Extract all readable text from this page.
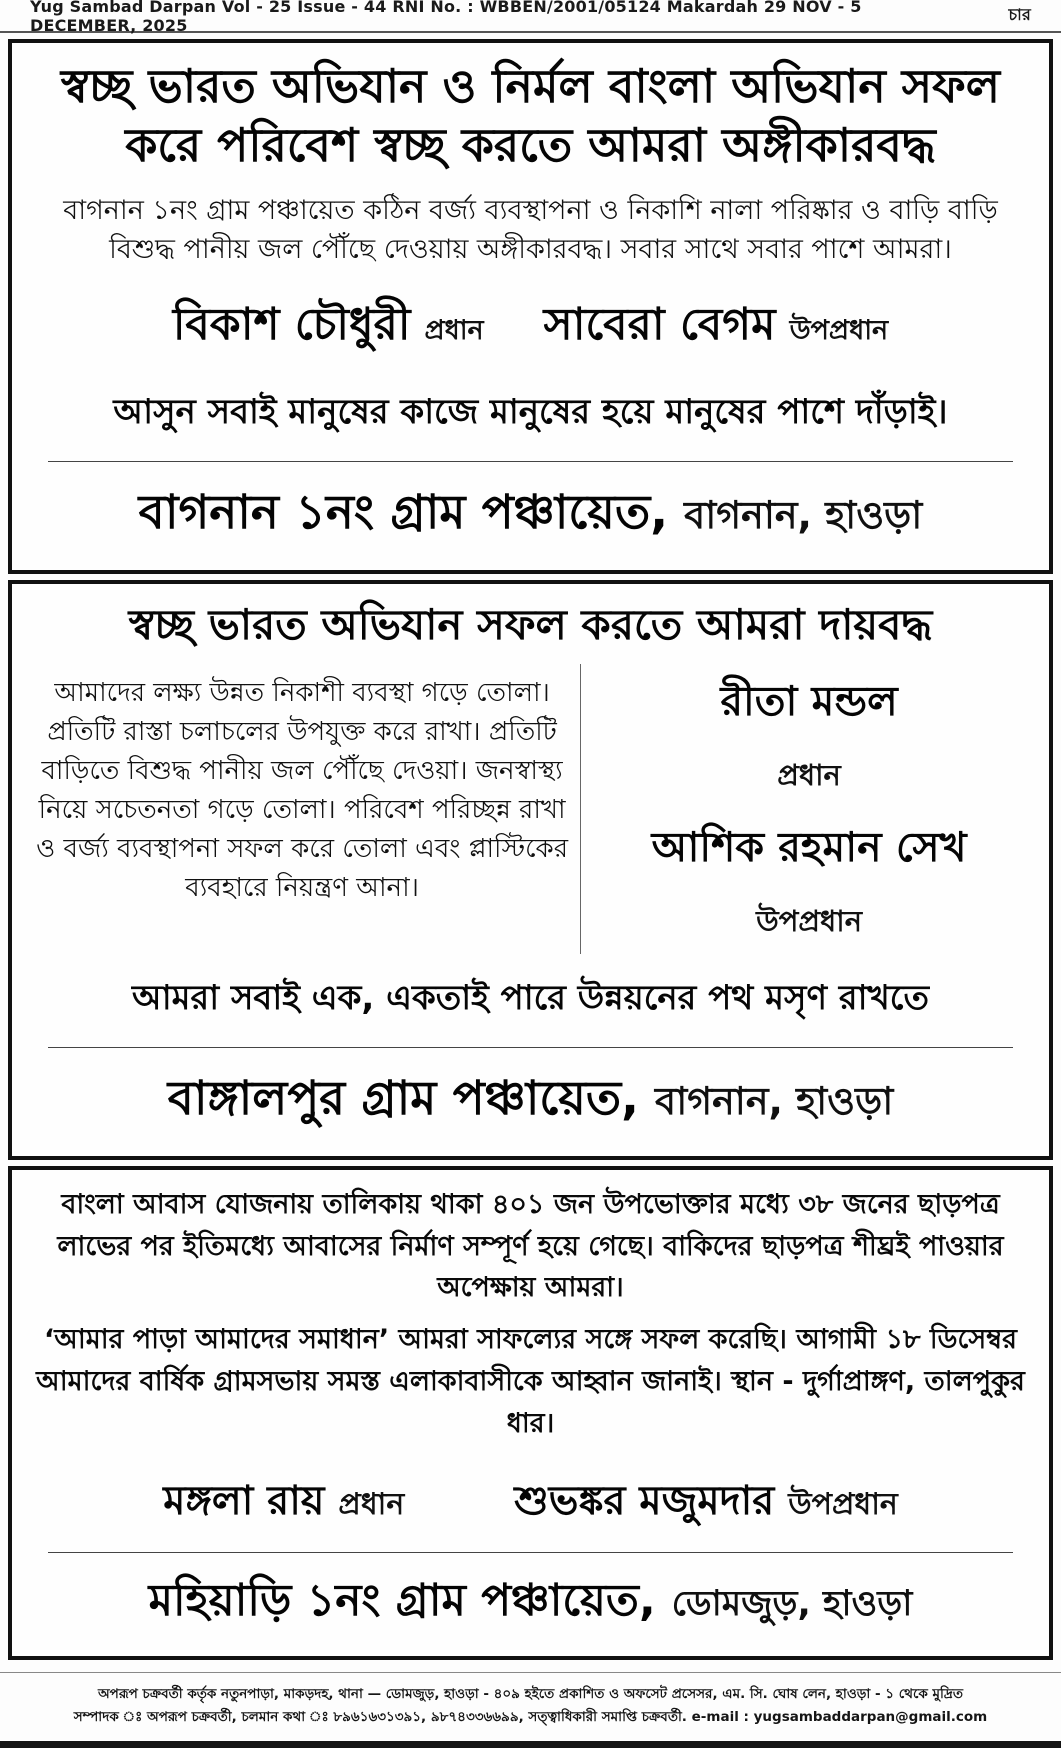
Yug Sambad Darpan Vol - 25 Issue - 44 RNI No. : WBBEN/2001/05124 Makardah 29 NOV - 5 DECEMBER, 2025
চার
স্বচ্ছ ভারত অভিযান ও নির্মল বাংলা অভিযান সফল করে পরিবেশ স্বচ্ছ করতে আমরা অঙ্গীকারবদ্ধ

বাগনান ১নং গ্রাম পঞ্চায়েত কঠিন বর্জ্য ব্যবস্থাপনা ও নিকাশি নালা পরিষ্কার ও বাড়ি বাড়ি বিশুদ্ধ পানীয় জল পৌঁছে দেওয়ায় অঙ্গীকারবদ্ধ। সবার সাথে সবার পাশে আমরা।

বিকাশ চৌধুরী প্রধান সাবেরা বেগম উপপ্রধান

আসুন সবাই মানুষের কাজে মানুষের হয়ে মানুষের পাশে দাঁড়াই।

বাগনান ১নং গ্রাম পঞ্চায়েত, বাগনান, হাওড়া
স্বচ্ছ ভারত অভিযান সফল করতে আমরা দায়বদ্ধ

আমাদের লক্ষ্য উন্নত নিকাশী ব্যবস্থা গড়ে তোলা। প্রতিটি রাস্তা চলাচলের উপযুক্ত করে রাখা। প্রতিটি বাড়িতে বিশুদ্ধ পানীয় জল পৌঁছে দেওয়া। জনস্বাস্থ্য নিয়ে সচেতনতা গড়ে তোলা। পরিবেশ পরিচ্ছন্ন রাখা ও বর্জ্য ব্যবস্থাপনা সফল করে তোলা এবং প্লাস্টিকের ব্যবহারে নিয়ন্ত্রণ আনা।

রীতা মন্ডল
প্রধান
আশিক রহমান সেখ
উপপ্রধান

আমরা সবাই এক, একতাই পারে উন্নয়নের পথ মসৃণ রাখতে

বাঙ্গালপুর গ্রাম পঞ্চায়েত, বাগনান, হাওড়া

বাংলা আবাস যোজনায় তালিকায় থাকা ৪০১ জন উপভোক্তার মধ্যে ৩৮ জনের ছাড়পত্র লাভের পর ইতিমধ্যে আবাসের নির্মাণ সম্পূর্ণ হয়ে গেছে। বাকিদের ছাড়পত্র শীঘ্রই পাওয়ার অপেক্ষায় আমরা।

‘আমার পাড়া আমাদের সমাধান’ আমরা সাফল্যের সঙ্গে সফল করেছি। আগামী ১৮ ডিসেম্বর আমাদের বার্ষিক গ্রামসভায় সমস্ত এলাকাবাসীকে আহ্বান জানাই। স্থান - দুর্গাপ্রাঙ্গণ, তালপুকুর ধার।

মঙ্গলা রায় প্রধান	শুভঙ্কর মজুমদার উপপ্রধান
মহিয়াড়ি ১নং গ্রাম পঞ্চায়েত, ডোমজুড়, হাওড়া
অপরূপ চক্রবর্তী কর্তৃক নতুনপাড়া, মাকড়দহ, থানা — ডোমজুড়, হাওড়া - ৪০৯ হইতে প্রকাশিত ও অফসেট প্রসেসর, এম. সি. ঘোষ লেন, হাওড়া - ১ থেকে মুদ্রিত
সম্পাদক ঃ অপরূপ চক্রবর্তী, চলমান কথা ঃ ৮৯৬১৬৩১৩৯১, ৯৮৭৪৩৩৬৬৯৯, সত্ত্বাধিকারী সমাপ্তি চক্রবর্তী. e-mail : yugsambaddarpan@gmail.com
